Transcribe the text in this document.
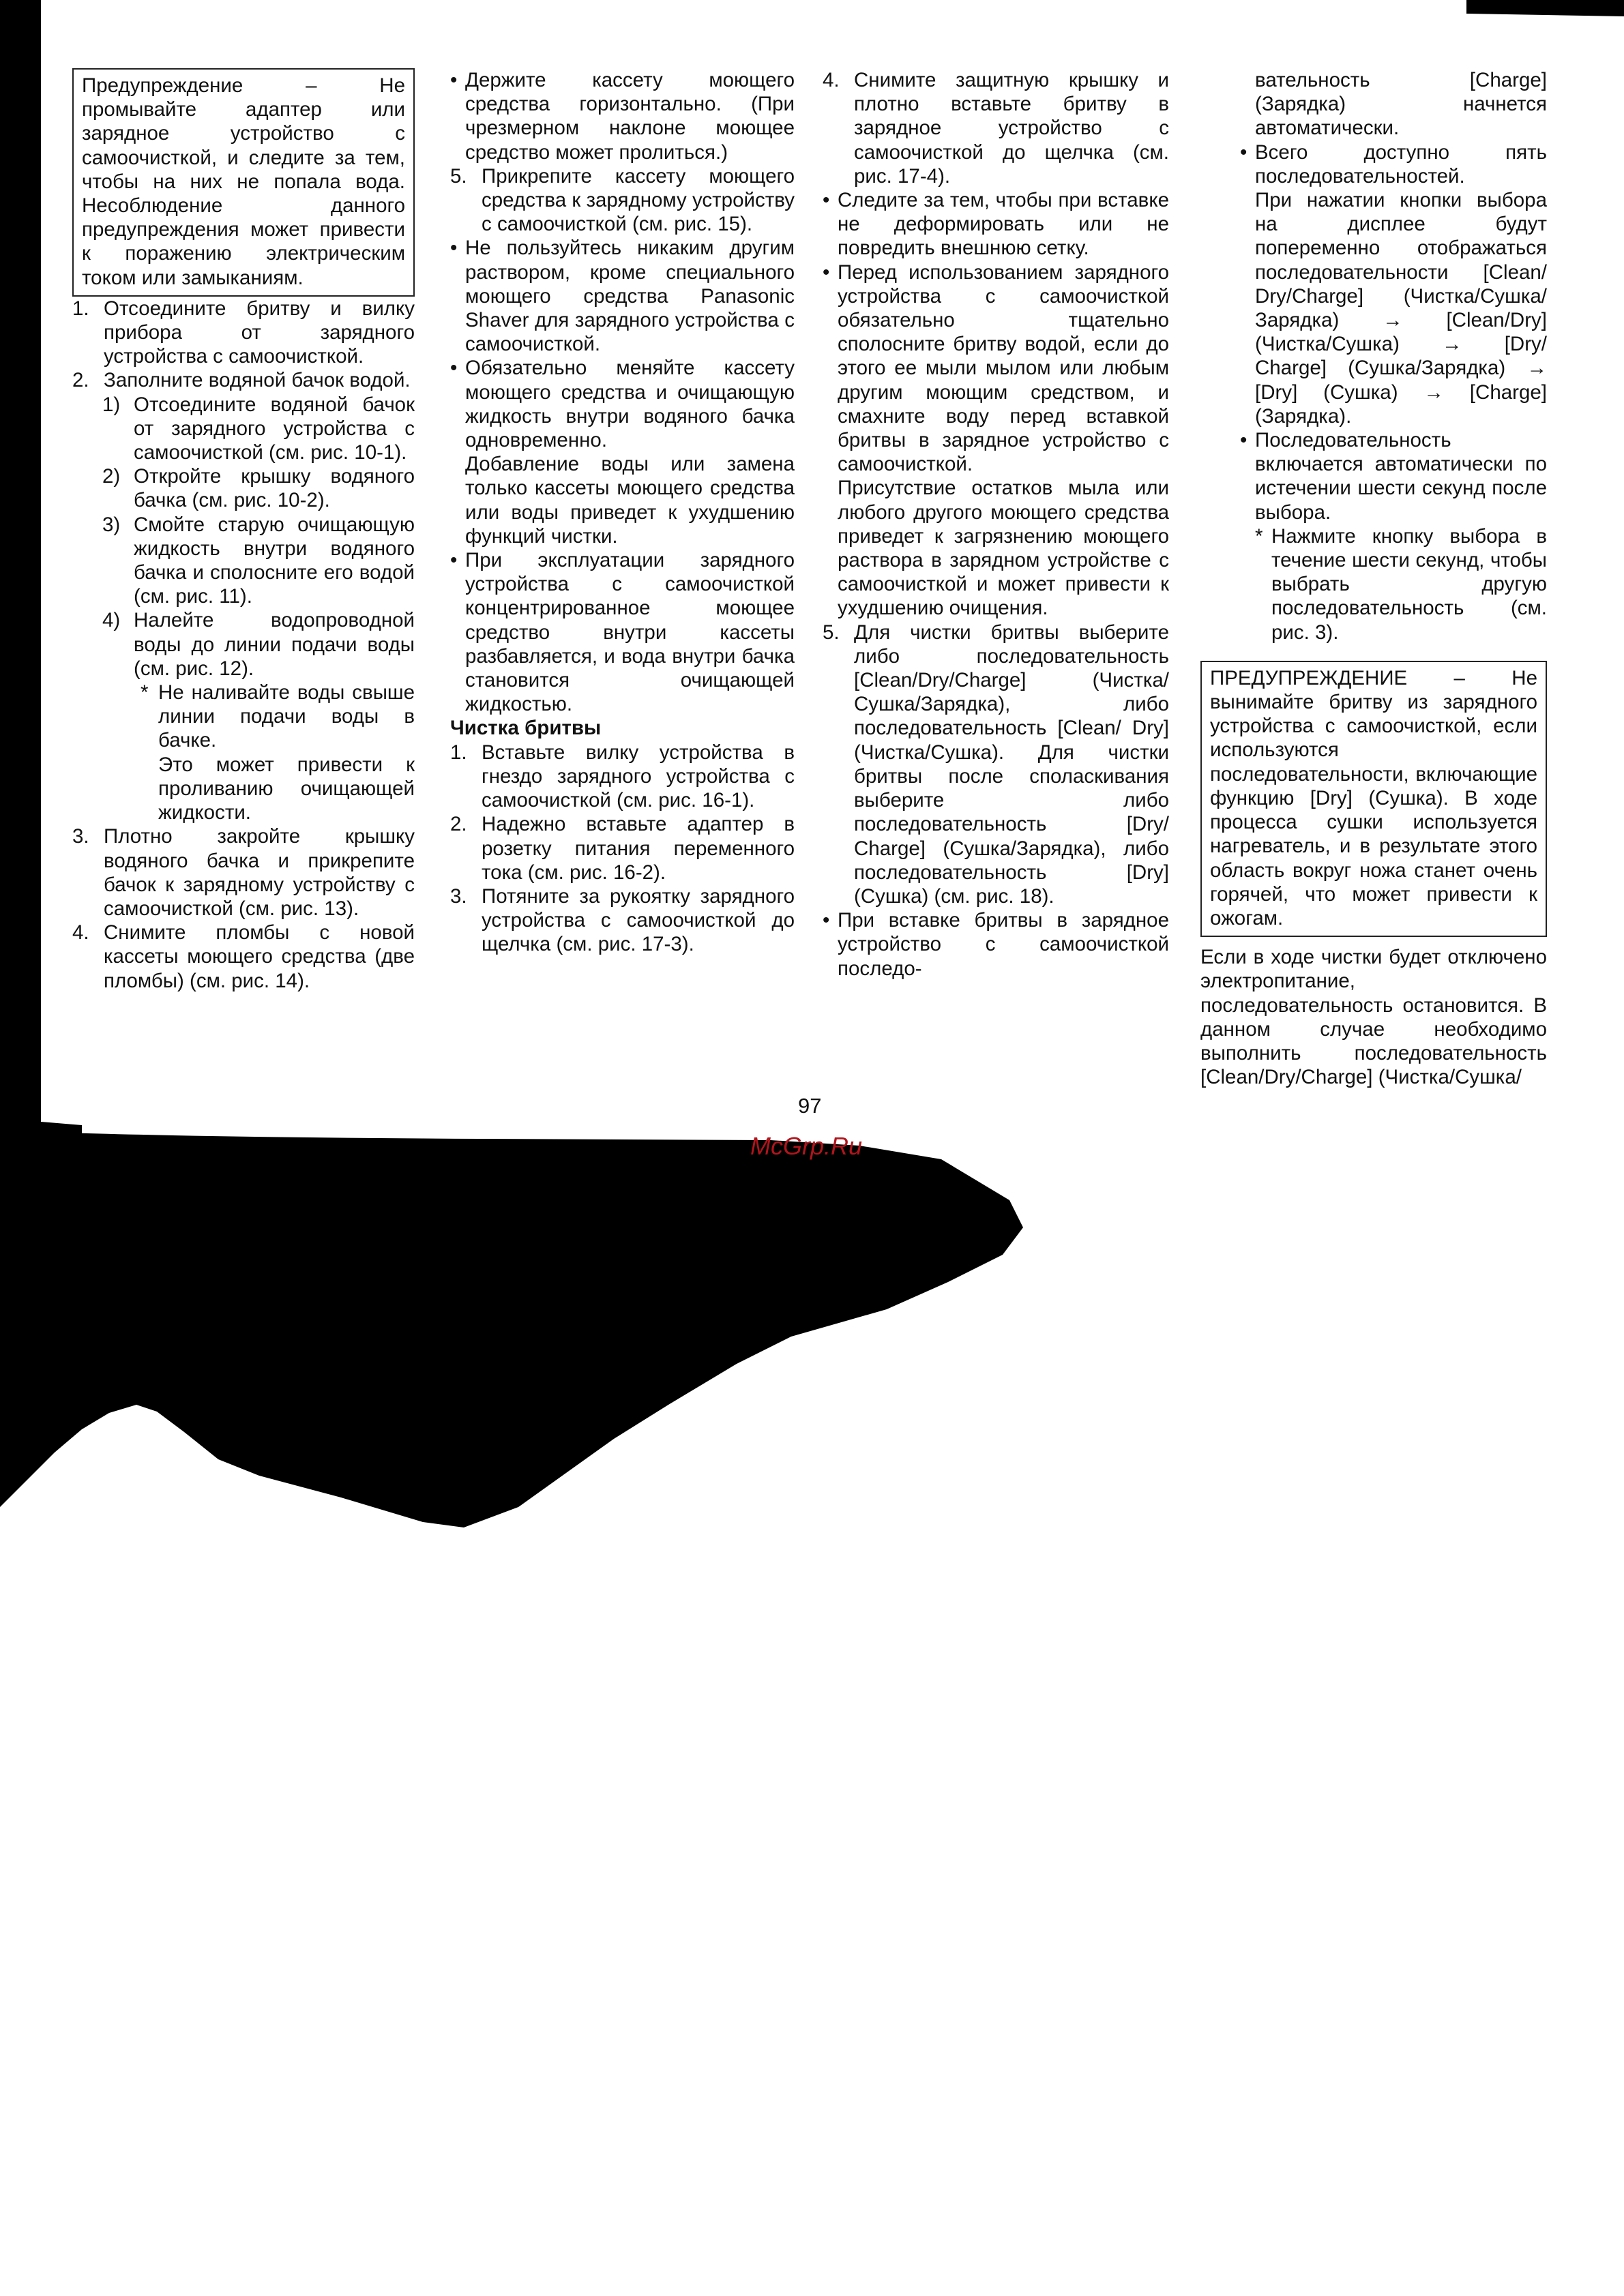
Предупреждение – Не промывайте адаптер или зарядное устройство с самоочисткой, и следите за тем, чтобы на них не попала вода. Несоблюдение данного предупреждения может привести к поражению электрическим током или замыканиям.

1. Отсоедините бритву и вилку прибора от зарядного устройства с самоочисткой.

2. Заполните водяной бачок водой.

1) Отсоедините водяной бачок от зарядного устройства с самоочисткой (см. рис. 10-1).

2) Откройте крышку водяного бачка (см. рис. 10-2).

3) Смойте старую очищающую жидкость внутри водяного бачка и сполосните его водой (см. рис. 11).

4) Налейте водопроводной воды до линии подачи воды (см. рис. 12).

* Не наливайте воды свыше линии подачи воды в бачке.

Это может привести к проливанию очищающей жидкости.

3. Плотно закройте крышку водяного бачка и прикрепите бачок к зарядному устройству с самоочисткой (см. рис. 13).

4. Снимите пломбы с новой кассеты моющего средства (две пломбы) (см. рис. 14).

• Держите кассету моющего средства горизонтально. (При чрезмерном наклоне моющее средство может пролиться.)

5. Прикрепите кассету моющего средства к зарядному устройству с самоочисткой (см. рис. 15).

• Не пользуйтесь никаким другим раствором, кроме специального моющего средства Panasonic Shaver для зарядного устройства с самоочисткой.

• Обязательно меняйте кассету моющего средства и очищающую жидкость внутри водяного бачка одновременно.

Добавление воды или замена только кассеты моющего средства или воды приведет к ухудшению функций чистки.

• При эксплуатации зарядного устройства с самоочисткой концентрированное моющее средство внутри кассеты разбавляется, и вода внутри бачка становится очищающей жидкостью.

Чистка бритвы

1. Вставьте вилку устройства в гнездо зарядного устройства с самоочисткой (см. рис. 16-1).

2. Надежно вставьте адаптер в розетку питания переменного тока (см. рис. 16-2).

3. Потяните за рукоятку зарядного устройства с самоочисткой до щелчка (см. рис. 17-3).

4. Снимите защитную крышку и плотно вставьте бритву в зарядное устройство с самоочисткой до щелчка (см. рис. 17-4).

• Следите за тем, чтобы при вставке не деформировать или не повредить внешнюю сетку.

• Перед использованием зарядного устройства с самоочисткой обязательно тщательно сполосните бритву водой, если до этого ее мыли мылом или любым другим моющим средством, и смахните воду перед вставкой бритвы в зарядное устройство с самоочисткой.

Присутствие остатков мыла или любого другого моющего средства приведет к загрязнению моющего раствора в зарядном устройстве с самоочисткой и может привести к ухудшению очищения.

5. Для чистки бритвы выберите либо последовательность [Clean/Dry/Charge] (Чистка/ Сушка/Зарядка), либо последовательность [Clean/ Dry] (Чистка/Сушка). Для чистки бритвы после споласкивания выберите либо последовательность [Dry/ Charge] (Сушка/Зарядка), либо последовательность [Dry] (Сушка) (см. рис. 18).

• При вставке бритвы в зарядное устройство с самоочисткой последо-

вательность [Charge] (Зарядка) начнется автоматически.

• Всего доступно пять последовательностей.

При нажатии кнопки выбора на дисплее будут попеременно отображаться последовательности [Clean/ Dry/Charge] (Чистка/Сушка/ Зарядка) → [Clean/Dry] (Чистка/Сушка) → [Dry/ Charge] (Сушка/Зарядка) → [Dry] (Сушка) → [Charge] (Зарядка).

• Последовательность включается автоматически по истечении шести секунд после выбора.

* Нажмите кнопку выбора в течение шести секунд, чтобы выбрать другую последовательность (см. рис. 3).

ПРЕДУПРЕЖДЕНИЕ – Не вынимайте бритву из зарядного устройства с самоочисткой, если используются последовательности, включающие функцию [Dry] (Сушка). В ходе процесса сушки используется нагреватель, и в результате этого область вокруг ножа станет очень горячей, что может привести к ожогам.

Если в ходе чистки будет отключено электропитание, последовательность остановится. В данном случае необходимо выполнить последовательность [Clean/Dry/Charge] (Чистка/Сушка/

97
McGrp.Ru
